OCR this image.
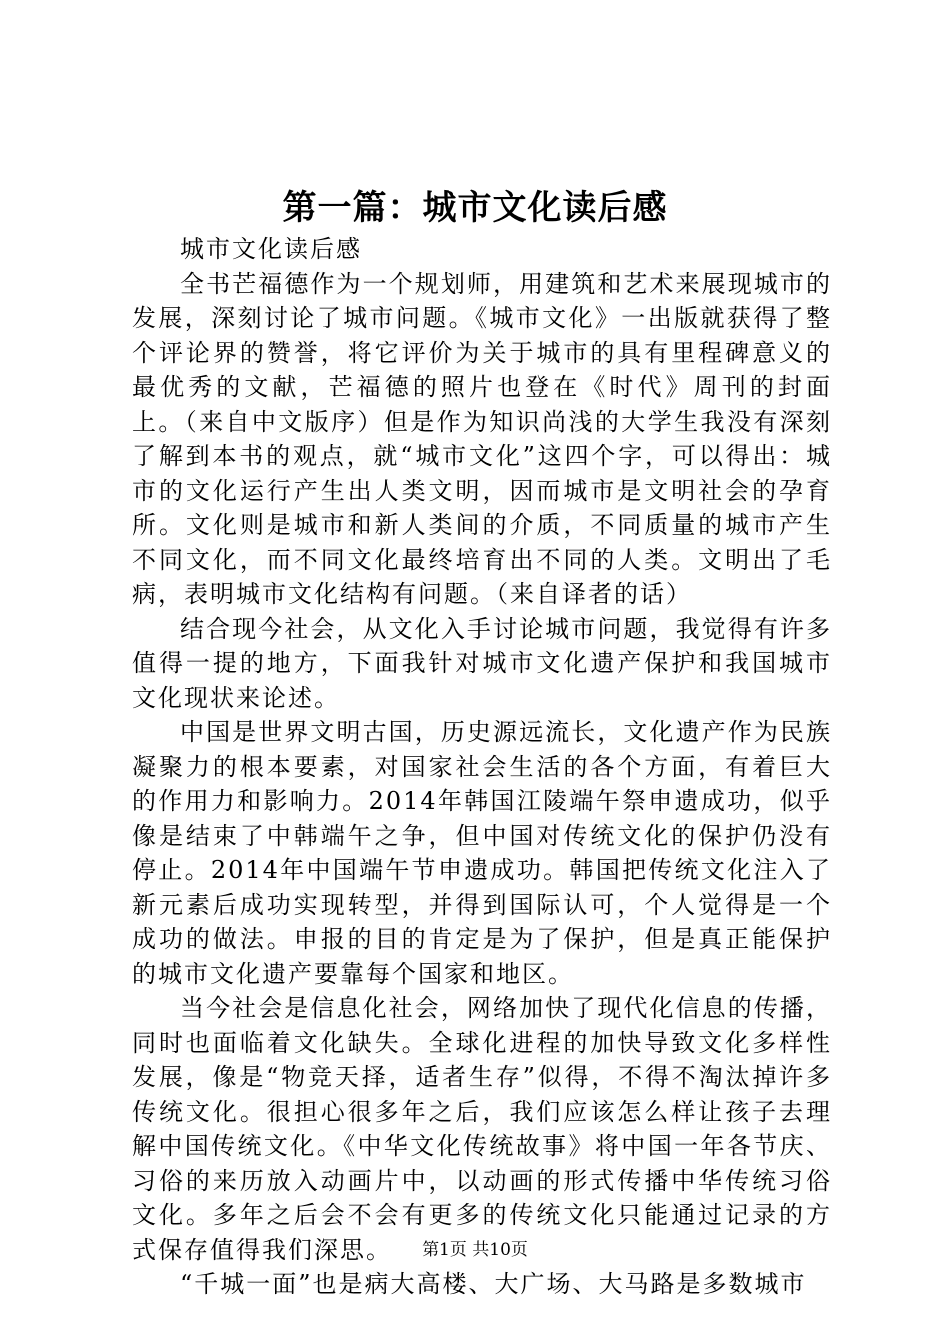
第一篇：城市文化读后感

城市文化读后感

全书芒福德作为一个规划师，用建筑和艺术来展现城市的发展，深刻讨论了城市问题。《城市文化》一出版就获得了整个评论界的赞誉，将它评价为关于城市的具有里程碑意义的最优秀的文献，芒福德的照片也登在《时代》周刊的封面上。（来自中文版序）但是作为知识尚浅的大学生我没有深刻了解到本书的观点，就“城市文化”这四个字，可以得出：城市的文化运行产生出人类文明，因而城市是文明社会的孕育所。文化则是城市和新人类间的介质，不同质量的城市产生不同文化，而不同文化最终培育出不同的人类。文明出了毛病，表明城市文化结构有问题。（来自译者的话）

结合现今社会，从文化入手讨论城市问题，我觉得有许多值得一提的地方，下面我针对城市文化遗产保护和我国城市文化现状来论述。

中国是世界文明古国，历史源远流长，文化遗产作为民族凝聚力的根本要素，对国家社会生活的各个方面，有着巨大的作用力和影响力。2014年韩国江陵端午祭申遗成功，似乎像是结束了中韩端午之争，但中国对传统文化的保护仍没有停止。2014年中国端午节申遗成功。韩国把传统文化注入了新元素后成功实现转型，并得到国际认可，个人觉得是一个成功的做法。申报的目的肯定是为了保护，但是真正能保护的城市文化遗产要靠每个国家和地区。

当今社会是信息化社会，网络加快了现代化信息的传播，同时也面临着文化缺失。全球化进程的加快导致文化多样性发展，像是“物竞天择，适者生存”似得，不得不淘汰掉许多传统文化。很担心很多年之后，我们应该怎么样让孩子去理解中国传统文化。《中华文化传统故事》将中国一年各节庆、习俗的来历放入动画片中，以动画的形式传播中华传统习俗文化。多年之后会不会有更多的传统文化只能通过记录的方式保存值得我们深思。

“千城一面”也是病大高楼、大广场、大马路是多数城市

第1页 共10页
